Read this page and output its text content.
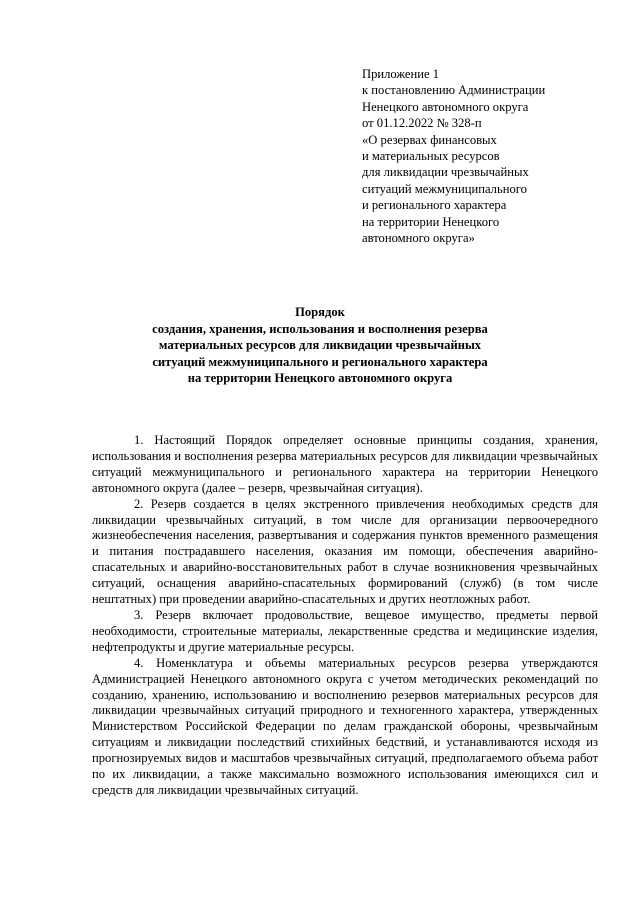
Приложение 1
к постановлению Администрации
Ненецкого автономного округа
от 01.12.2022 № 328-п
«О резервах финансовых
и материальных ресурсов
для ликвидации чрезвычайных
ситуаций межмуниципального
и регионального характера
на территории Ненецкого
автономного округа»
Порядок
создания, хранения, использования и восполнения резерва
материальных ресурсов для ликвидации чрезвычайных
ситуаций межмуниципального и регионального характера
на территории Ненецкого автономного округа

1. Настоящий Порядок определяет основные принципы создания, хранения, использования и восполнения резерва материальных ресурсов для ликвидации чрезвычайных ситуаций межмуниципального и регионального характера на территории Ненецкого автономного округа (далее – резерв, чрезвычайная ситуация).

2. Резерв создается в целях экстренного привлечения необходимых средств для ликвидации чрезвычайных ситуаций, в том числе для организации первоочередного жизнеобеспечения населения, развертывания и содержания пунктов временного размещения и питания пострадавшего населения, оказания им помощи, обеспечения аварийно-спасательных и аварийно-восстановительных работ в случае возникновения чрезвычайных ситуаций, оснащения аварийно-спасательных формирований (служб) (в том числе нештатных) при проведении аварийно-спасательных и других неотложных работ.

3. Резерв включает продовольствие, вещевое имущество, предметы первой необходимости, строительные материалы, лекарственные средства и медицинские изделия, нефтепродукты и другие материальные ресурсы.

4. Номенклатура и объемы материальных ресурсов резерва утверждаются Администрацией Ненецкого автономного округа с учетом методических рекомендаций по созданию, хранению, использованию и восполнению резервов материальных ресурсов для ликвидации чрезвычайных ситуаций природного и техногенного характера, утвержденных Министерством Российской Федерации по делам гражданской обороны, чрезвычайным ситуациям и ликвидации последствий стихийных бедствий, и устанавливаются исходя из прогнозируемых видов и масштабов чрезвычайных ситуаций, предполагаемого объема работ по их ликвидации, а также максимально возможного использования имеющихся сил и средств для ликвидации чрезвычайных ситуаций.
